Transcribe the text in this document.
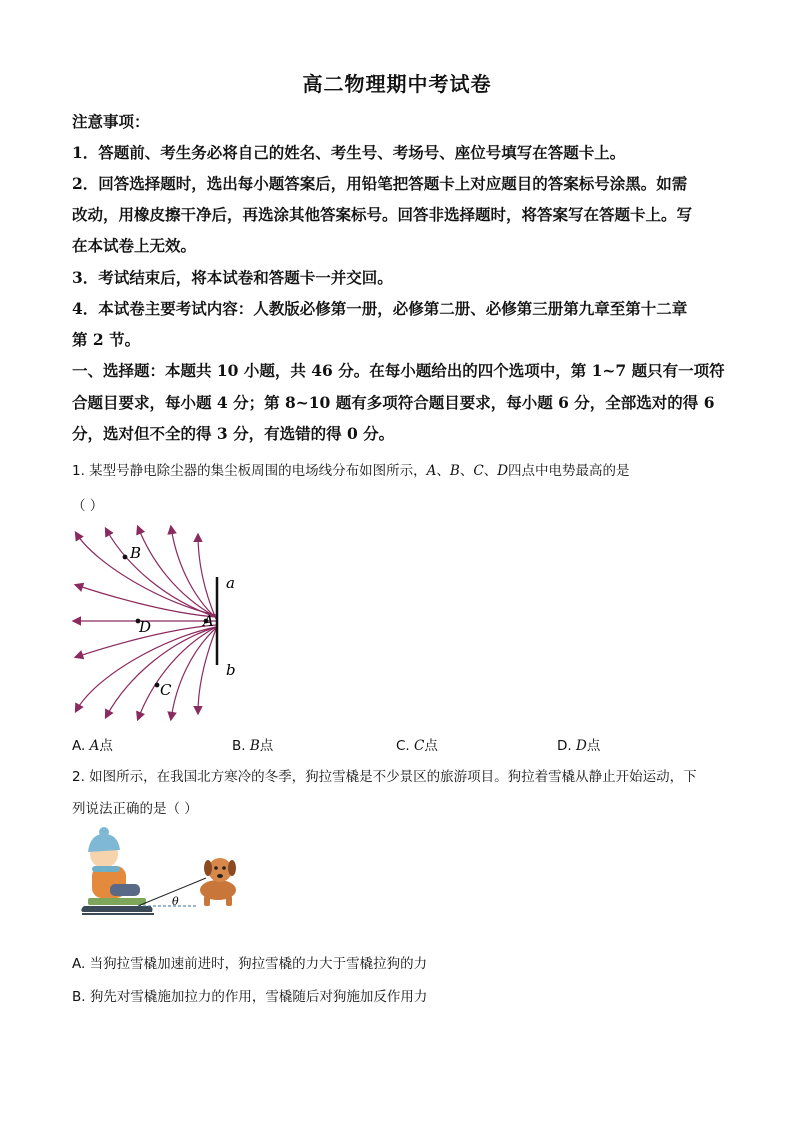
高二物理期中考试卷
注意事项：
1．答题前、考生务必将自己的姓名、考生号、考场号、座位号填写在答题卡上。
2．回答选择题时，选出每小题答案后，用铅笔把答题卡上对应题目的答案标号涂黑。如需
改动，用橡皮擦干净后，再选涂其他答案标号。回答非选择题时，将答案写在答题卡上。写
在本试卷上无效。
3．考试结束后，将本试卷和答题卡一并交回。
4．本试卷主要考试内容：人教版必修第一册，必修第二册、必修第三册第九章至第十二章
第 2 节。
一、选择题：本题共 10 小题，共 46 分。在每小题给出的四个选项中，第 1~7 题只有一项符
合题目要求，每小题 4 分；第 8~10 题有多项符合题目要求，每小题 6 分，全部选对的得 6
分，选对但不全的得 3 分，有选错的得 0 分。
1. 某型号静电除尘器的集尘板周围的电场线分布如图所示，A、B、C、D四点中电势最高的是
（ ）
B
D	A
C
a
b
A. A点	B. B点	C. C点	D. D点
2. 如图所示，在我国北方寒冷的冬季，狗拉雪橇是不少景区的旅游项目。狗拉着雪橇从静止开始运动，下
列说法正确的是（ ）
θ
A. 当狗拉雪橇加速前进时，狗拉雪橇的力大于雪橇拉狗的力
B. 狗先对雪橇施加拉力的作用，雪橇随后对狗施加反作用力
